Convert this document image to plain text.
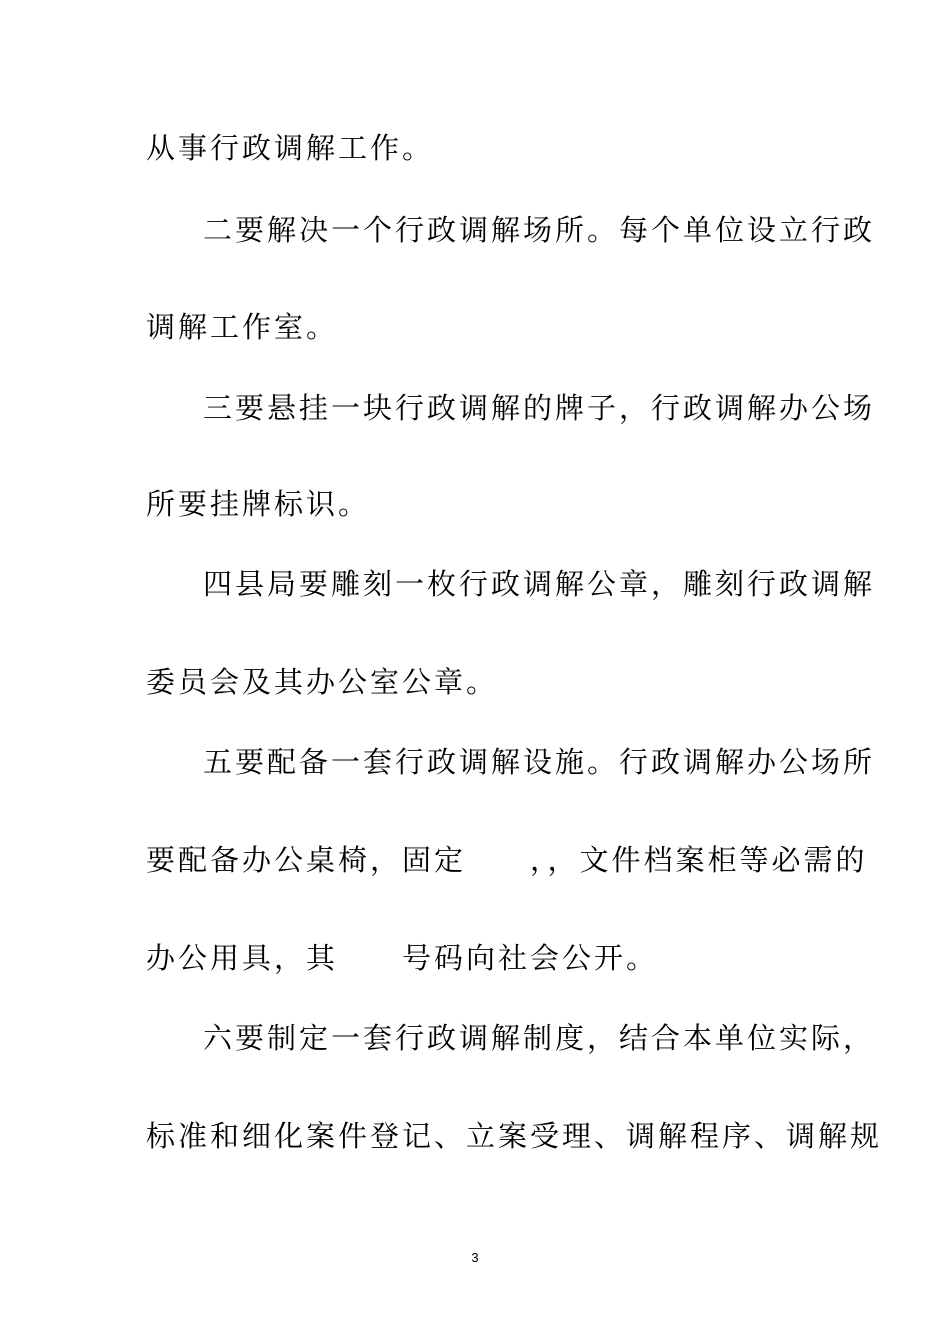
从事行政调解工作。
二要解决一个行政调解场所。每个单位设立行政
调解工作室。
三要悬挂一块行政调解的牌子，行政调解办公场
所要挂牌标识。
四县局要雕刻一枚行政调解公章，雕刻行政调解
委员会及其办公室公章。
五要配备一套行政调解设施。行政调解办公场所
要配备办公桌椅，固定　　，，文件档案柜等必需的
办公用具，其　　号码向社会公开。
六要制定一套行政调解制度，结合本单位实际，
标准和细化案件登记、立案受理、调解程序、调解规
3
